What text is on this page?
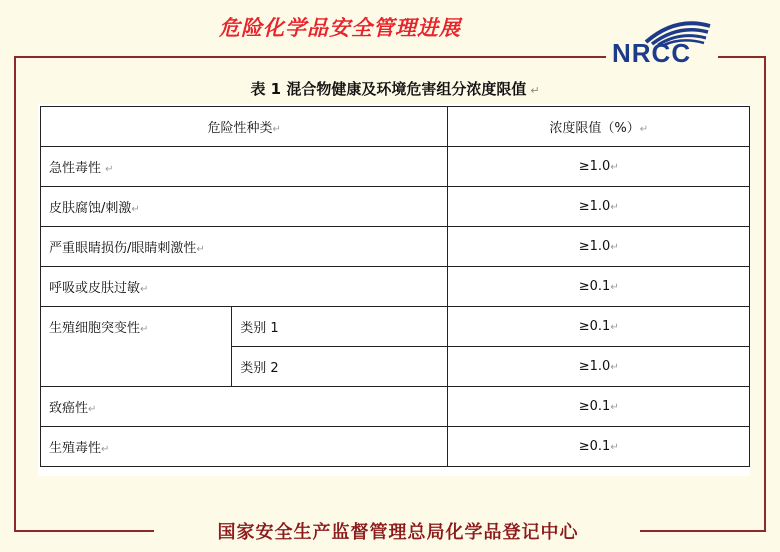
危险化学品安全管理进展
NRCC
表 1 混合物健康及环境危害组分浓度限值 ↵
危险性种类↵		浓度限值（%）↵
急性毒性 ↵		≥1.0↵
皮肤腐蚀/刺激↵		≥1.0↵
严重眼睛损伤/眼睛刺激性↵		≥1.0↵
呼吸或皮肤过敏↵		≥0.1↵
生殖细胞突变性↵	类别 1	≥0.1↵
	类别 2	≥1.0↵
致癌性↵		≥0.1↵
生殖毒性↵		≥0.1↵
国家安全生产监督管理总局化学品登记中心
